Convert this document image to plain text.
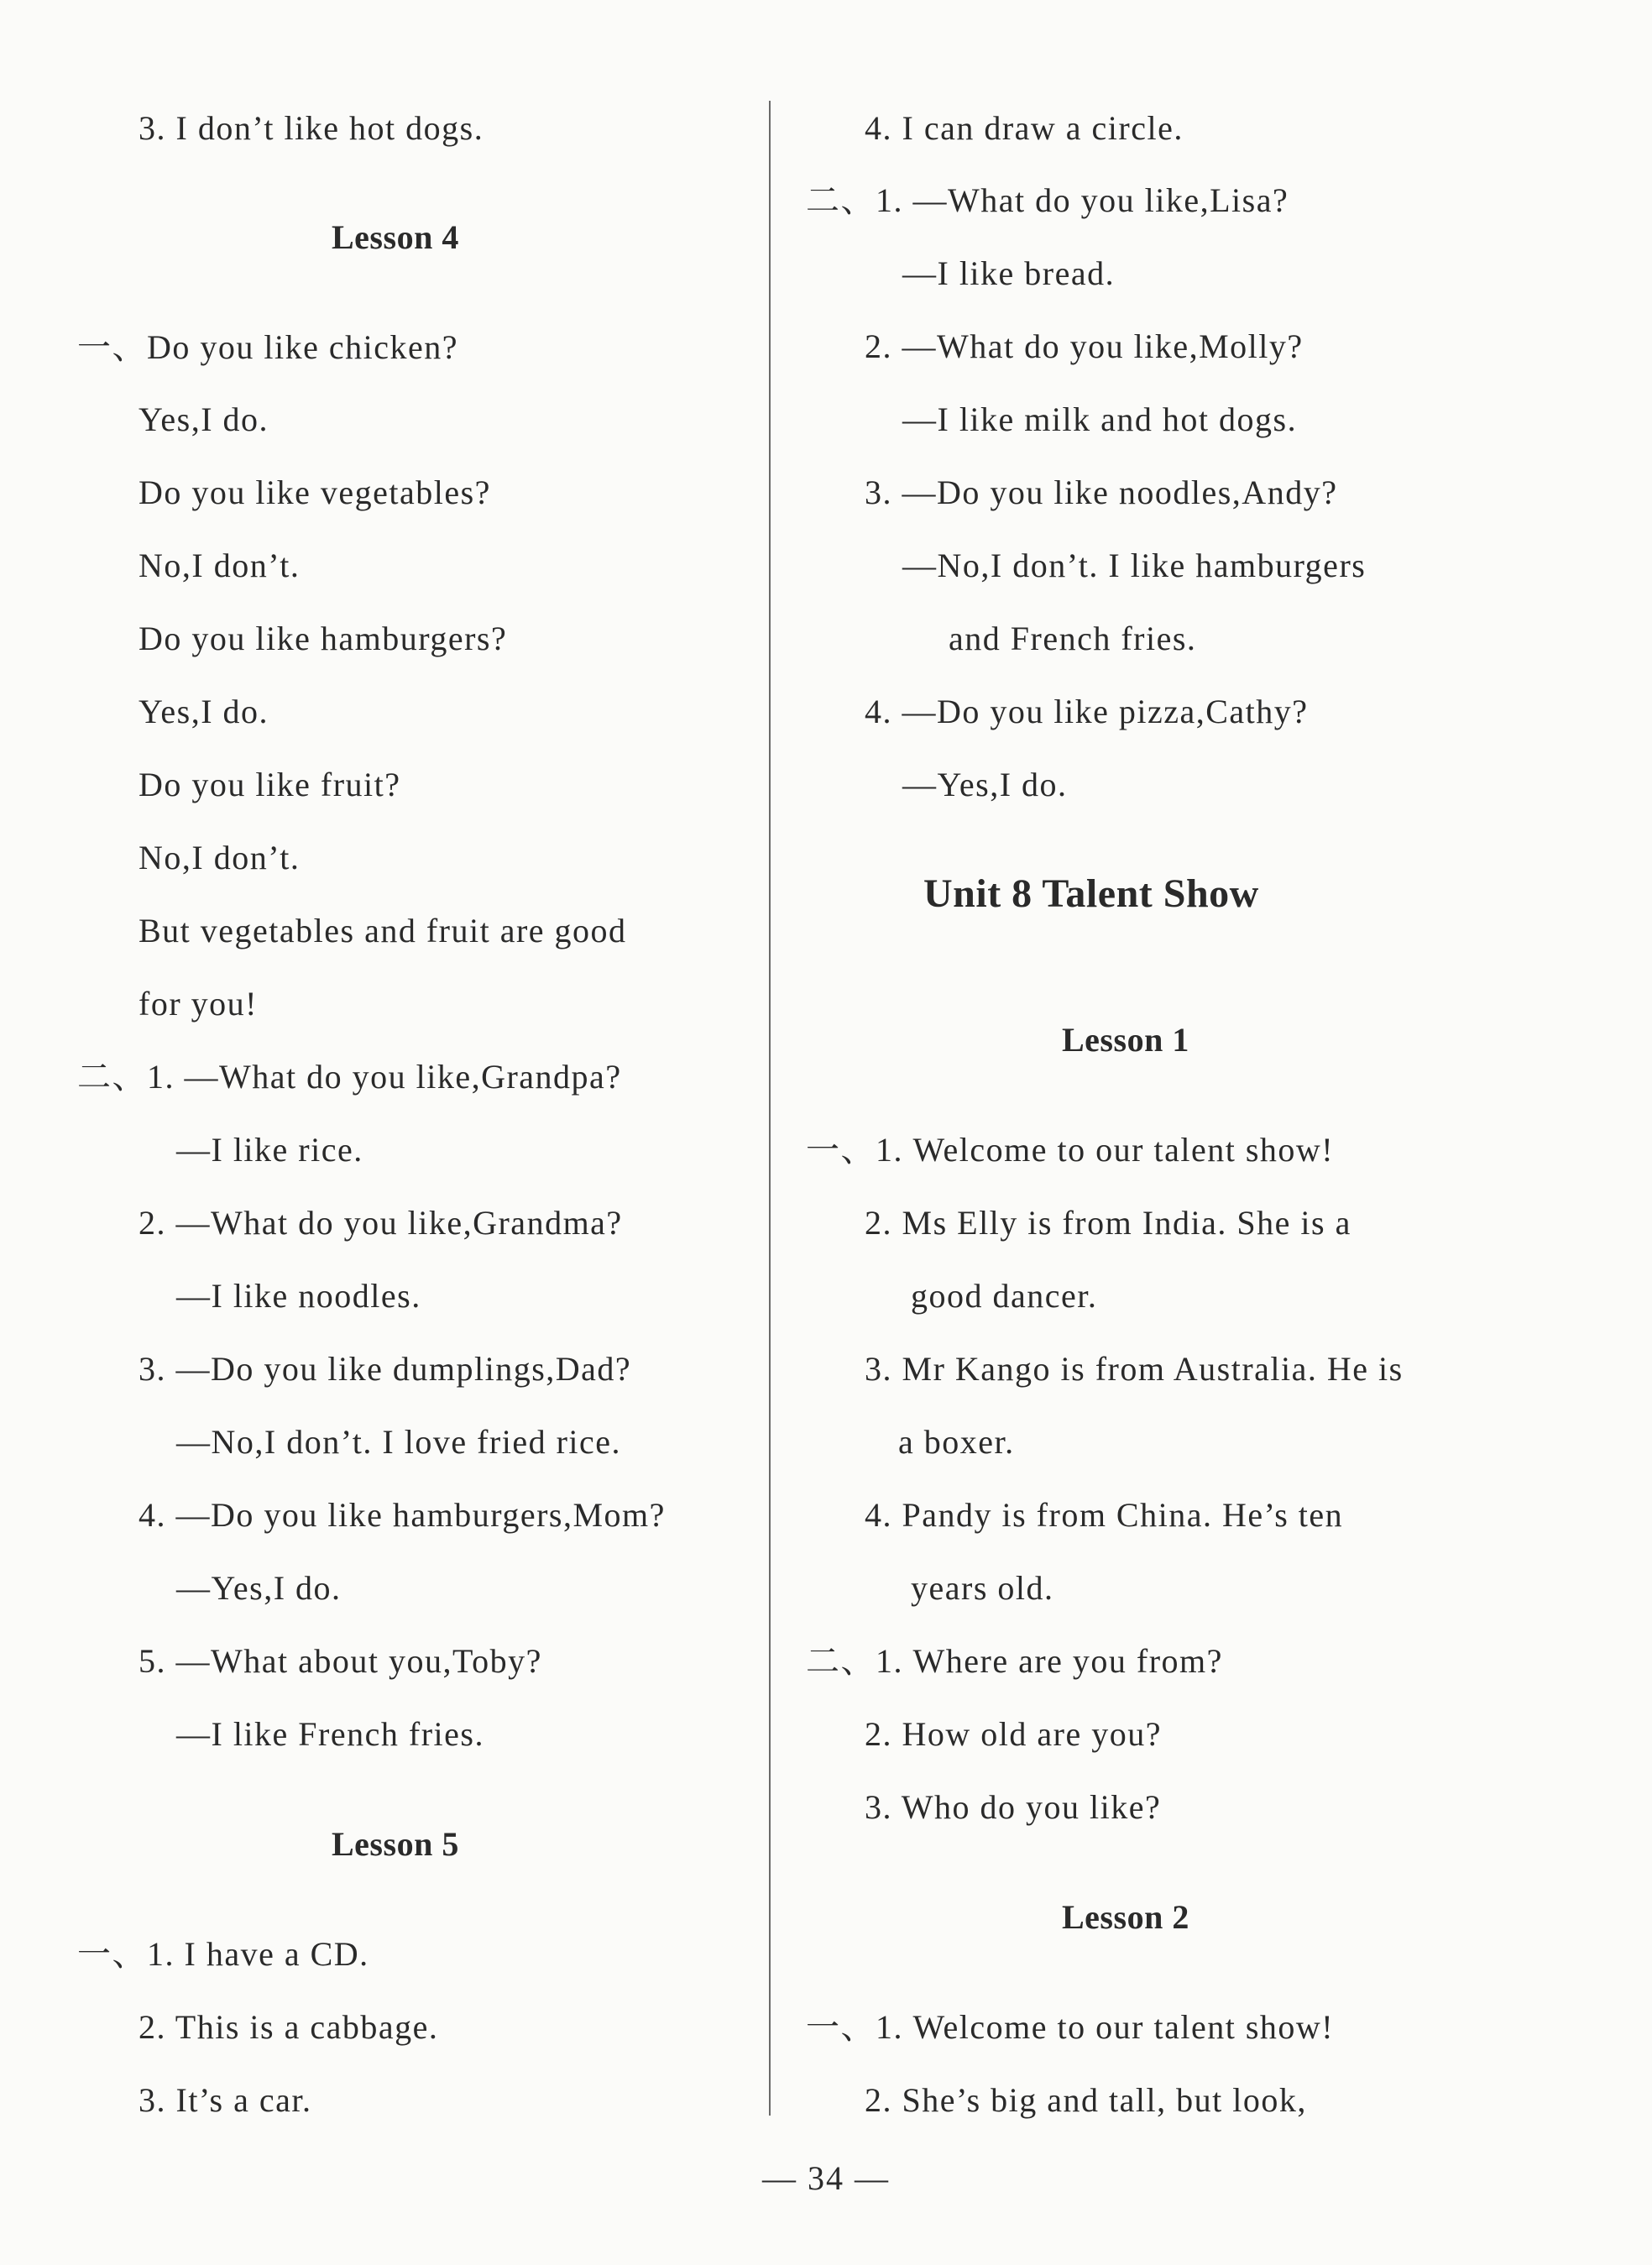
3. I don’t like hot dogs.
Lesson 4
一、Do you like chicken?
Yes,I do.
Do you like vegetables?
No,I don’t.
Do you like hamburgers?
Yes,I do.
Do you like fruit?
No,I don’t.
But vegetables and fruit are good
for you!
二、1. —What do you like,Grandpa?
—I like rice.
2. —What do you like,Grandma?
—I like noodles.
3. —Do you like dumplings,Dad?
—No,I don’t. I love fried rice.
4. —Do you like hamburgers,Mom?
—Yes,I do.
5. —What about you,Toby?
—I like French fries.
Lesson 5
一、1. I have a CD.
2. This is a cabbage.
3. It’s a car.
4. I can draw a circle.
二、1. —What do you like,Lisa?
—I like bread.
2. —What do you like,Molly?
—I like milk and hot dogs.
3. —Do you like noodles,Andy?
—No,I don’t. I like hamburgers
and French fries.
4. —Do you like pizza,Cathy?
—Yes,I do.
Unit 8 Talent Show
Lesson 1
一、1. Welcome to our talent show!
2. Ms Elly is from India. She is a
good dancer.
3. Mr Kango is from Australia. He is
a boxer.
4. Pandy is from China. He’s ten
years old.
二、1. Where are you from?
2. How old are you?
3. Who do you like?
Lesson 2
一、1. Welcome to our talent show!
2. She’s big and tall, but look,
— 34 —
